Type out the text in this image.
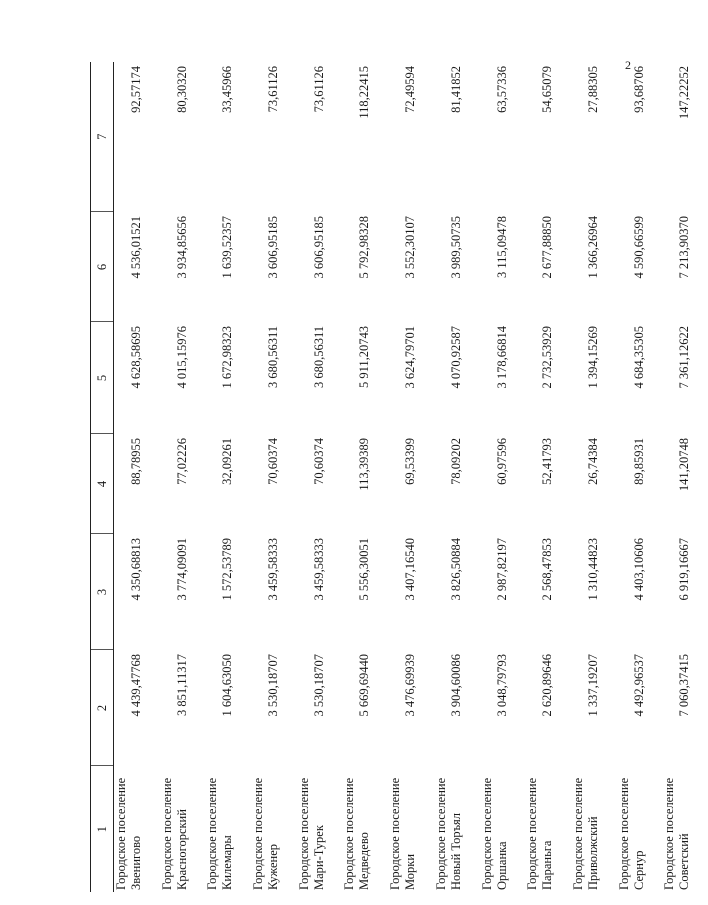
2
1	2	3	4	5	6	7

Городское поселение Звенигово	4 439,47768	4 350,68813	88,78955	4 628,58695	4 536,01521	92,57174

Городское поселение Красногорский	3 851,11317	3 774,09091	77,02226	4 015,15976	3 934,85656	80,30320

Городское поселение Килемары	1 604,63050	1 572,53789	32,09261	1 672,98323	1 639,52357	33,45966

Городское поселение Куженер	3 530,18707	3 459,58333	70,60374	3 680,56311	3 606,95185	73,61126

Городское поселение Мари-Турек	3 530,18707	3 459,58333	70,60374	3 680,56311	3 606,95185	73,61126

Городское поселение Медведево	5 669,69440	5 556,30051	113,39389	5 911,20743	5 792,98328	118,22415

Городское поселение Морки	3 476,69939	3 407,16540	69,53399	3 624,79701	3 552,30107	72,49594

Городское поселение Новый Торъял	3 904,60086	3 826,50884	78,09202	4 070,92587	3 989,50735	81,41852

Городское поселение Оршанка	3 048,79793	2 987,82197	60,97596	3 178,66814	3 115,09478	63,57336

Городское поселение Параньга	2 620,89646	2 568,47853	52,41793	2 732,53929	2 677,88850	54,65079

Городское поселение Приволжский	1 337,19207	1 310,44823	26,74384	1 394,15269	1 366,26964	27,88305

Городское поселение Сернур	4 492,96537	4 403,10606	89,85931	4 684,35305	4 590,66599	93,68706

Городское поселение Советский	7 060,37415	6 919,16667	141,20748	7 361,12622	7 213,90370	147,22252
